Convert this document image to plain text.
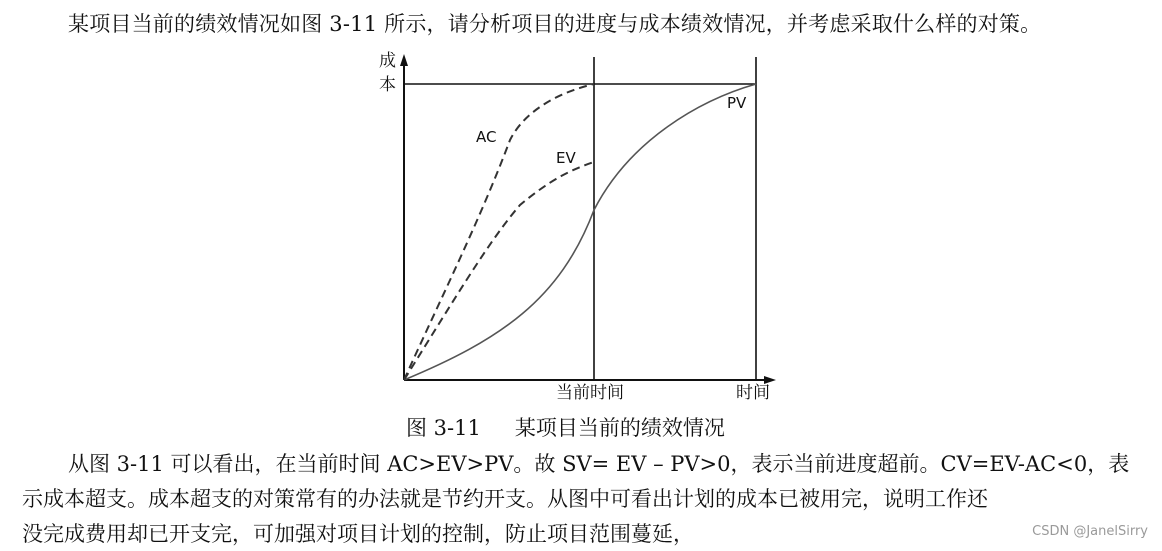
某项目当前的绩效情况如图 3-11 所示，请分析项目的进度与成本绩效情况，并考虑采取什么样的对策。
成
本
AC
EV
PV
当前时间	时间
图 3-11 某项目当前的绩效情况
从图 3-11 可以看出，在当前时间 AC>EV>PV。故 SV= EV – PV>0，表示当前进度超前。CV=EV-AC<0，表
示成本超支。成本超支的对策常有的办法就是节约开支。从图中可看出计划的成本已被用完，说明工作还
没完成费用却已开支完，可加强对项目计划的控制，防止项目范围蔓延，	CSDN @JanelSirry
